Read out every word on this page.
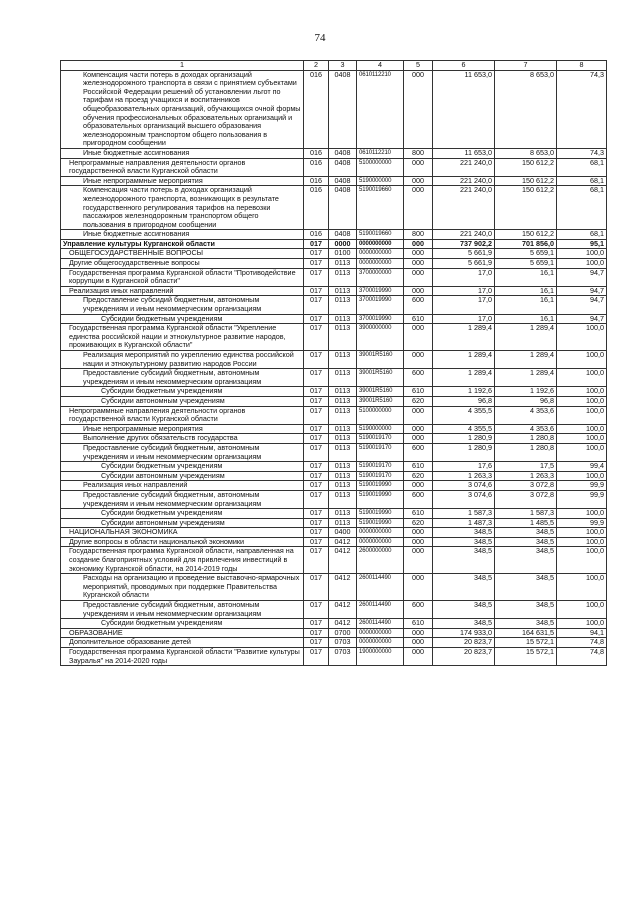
74
1	2	3	4	5	6	7	8
Компенсация части потерь в доходах организаций железнодорожного транспорта в связи с принятием субъектами Российской Федерации решений об установлении льгот по тарифам на проезд учащихся и воспитанников общеобразовательных организаций, обучающихся очной формы обучения профессиональных образовательных организаций и образовательных организаций высшего образования железнодорожным транспортом общего пользования в пригородном сообщении	016	0408	0610112210	000	11 653,0	8 653,0	74,3
Иные бюджетные ассигнования	016	0408	0610112210	800	11 653,0	8 653,0	74,3
Непрограммные направления деятельности органов государственной власти Курганской области	016	0408	5100000000	000	221 240,0	150 612,2	68,1
Иные непрограммные мероприятия	016	0408	5190000000	000	221 240,0	150 612,2	68,1
Компенсация части потерь в доходах организаций железнодорожного транспорта, возникающих в результате государственного регулирования тарифов на перевозки пассажиров железнодорожным транспортом общего пользования в пригородном сообщении	016	0408	5190019660	000	221 240,0	150 612,2	68,1
Иные бюджетные ассигнования	016	0408	5190019660	800	221 240,0	150 612,2	68,1
Управление культуры Курганской области	017	0000	0000000000	000	737 902,2	701 856,0	95,1
ОБЩЕГОСУДАРСТВЕННЫЕ ВОПРОСЫ	017	0100	0000000000	000	5 661,9	5 659,1	100,0
Другие общегосударственные вопросы	017	0113	0000000000	000	5 661,9	5 659,1	100,0
Государственная программа Курганской области "Противодействие коррупции в Курганской области"	017	0113	3700000000	000	17,0	16,1	94,7
Реализация иных направлений	017	0113	3700019990	000	17,0	16,1	94,7
Предоставление субсидий бюджетным, автономным учреждениям и иным некоммерческим организациям	017	0113	3700019990	600	17,0	16,1	94,7
Субсидии бюджетным учреждениям	017	0113	3700019990	610	17,0	16,1	94,7
Государственная программа Курганской области "Укрепление единства российской нации и этнокультурное развитие народов, проживающих в Курганской области"	017	0113	3900000000	000	1 289,4	1 289,4	100,0
Реализация мероприятий по укреплению единства российской нации и этнокультурному развитию народов России	017	0113	39001R5160	000	1 289,4	1 289,4	100,0
Предоставление субсидий бюджетным, автономным учреждениям и иным некоммерческим организациям	017	0113	39001R5160	600	1 289,4	1 289,4	100,0
Субсидии бюджетным учреждениям	017	0113	39001R5160	610	1 192,6	1 192,6	100,0
Субсидии автономным учреждениям	017	0113	39001R5160	620	96,8	96,8	100,0
Непрограммные направления деятельности органов государственной власти Курганской области	017	0113	5100000000	000	4 355,5	4 353,6	100,0
Иные непрограммные мероприятия	017	0113	5190000000	000	4 355,5	4 353,6	100,0
Выполнение других обязательств государства	017	0113	5190019170	000	1 280,9	1 280,8	100,0
Предоставление субсидий бюджетным, автономным учреждениям и иным некоммерческим организациям	017	0113	5190019170	600	1 280,9	1 280,8	100,0
Субсидии бюджетным учреждениям	017	0113	5190019170	610	17,6	17,5	99,4
Субсидии автономным учреждениям	017	0113	5190019170	620	1 263,3	1 263,3	100,0
Реализация иных направлений	017	0113	5190019990	000	3 074,6	3 072,8	99,9
Предоставление субсидий бюджетным, автономным учреждениям и иным некоммерческим организациям	017	0113	5190019990	600	3 074,6	3 072,8	99,9
Субсидии бюджетным учреждениям	017	0113	5190019990	610	1 587,3	1 587,3	100,0
Субсидии автономным учреждениям	017	0113	5190019990	620	1 487,3	1 485,5	99,9
НАЦИОНАЛЬНАЯ ЭКОНОМИКА	017	0400	0000000000	000	348,5	348,5	100,0
Другие вопросы в области национальной экономики	017	0412	0000000000	000	348,5	348,5	100,0
Государственная программа Курганской области, направленная на создание благоприятных условий для привлечения инвестиций в экономику Курганской области, на 2014-2019 годы	017	0412	2600000000	000	348,5	348,5	100,0
Расходы на организацию и проведение выставочно-ярмарочных мероприятий, проводимых при поддержке Правительства Курганской области	017	0412	2600114490	000	348,5	348,5	100,0
Предоставление субсидий бюджетным, автономным учреждениям и иным некоммерческим организациям	017	0412	2600114490	600	348,5	348,5	100,0
Субсидии бюджетным учреждениям	017	0412	2600114490	610	348,5	348,5	100,0
ОБРАЗОВАНИЕ	017	0700	0000000000	000	174 933,0	164 631,5	94,1
Дополнительное образование детей	017	0703	0000000000	000	20 823,7	15 572,1	74,8
Государственная программа Курганской области "Развитие культуры Зауралья" на 2014-2020 годы	017	0703	1900000000	000	20 823,7	15 572,1	74,8
